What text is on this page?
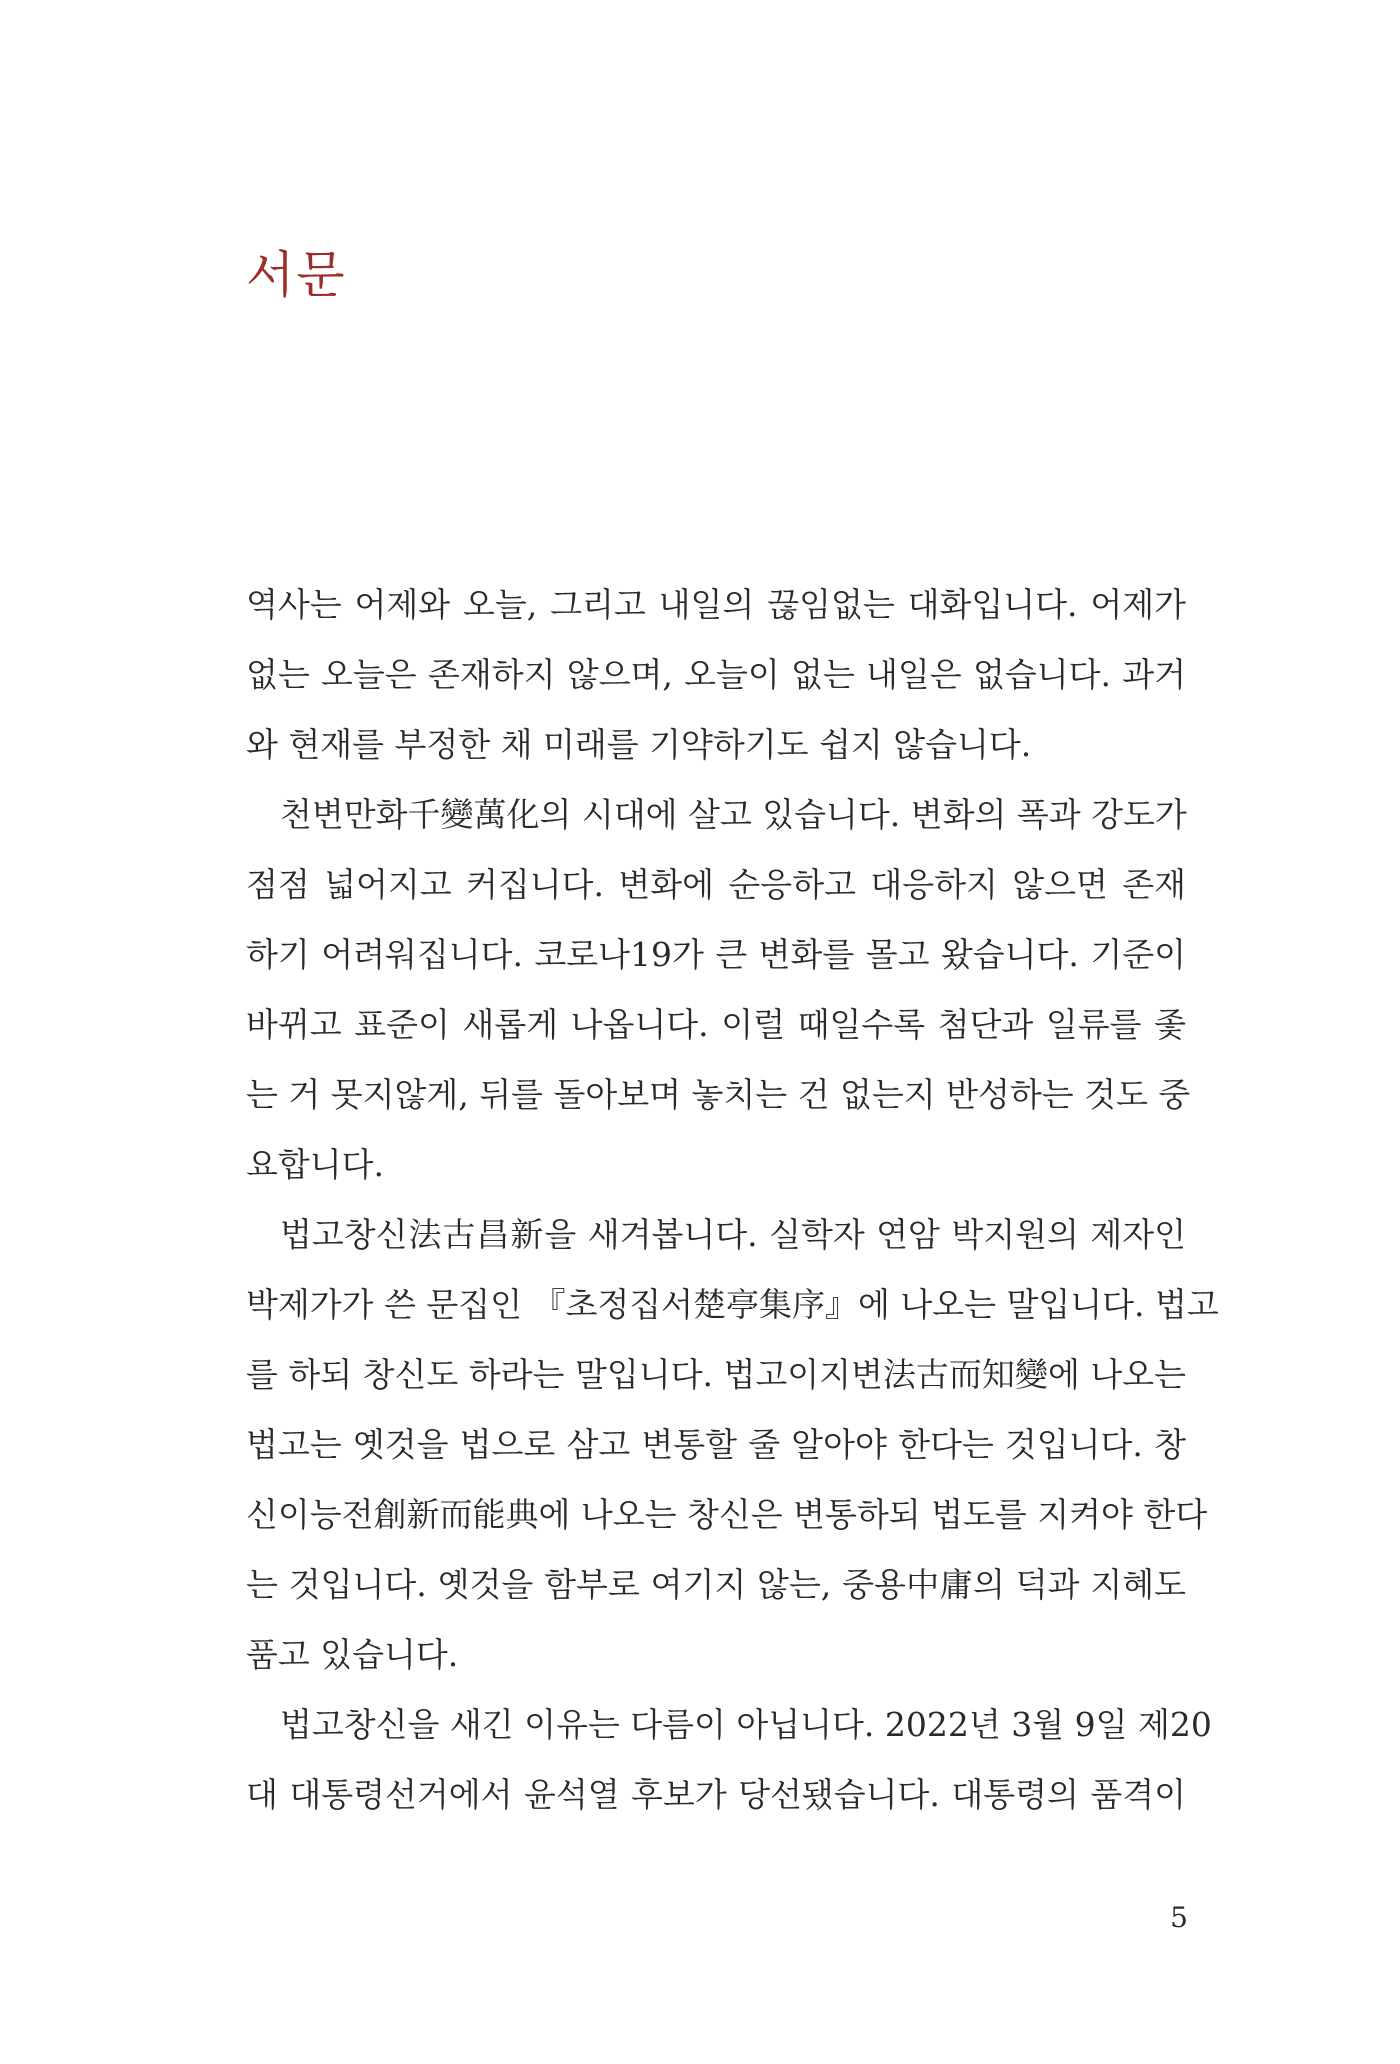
서문
역사는 어제와 오늘, 그리고 내일의 끊임없는 대화입니다. 어제가
없는 오늘은 존재하지 않으며, 오늘이 없는 내일은 없습니다. 과거
와 현재를 부정한 채 미래를 기약하기도 쉽지 않습니다.
천변만화千變萬化의 시대에 살고 있습니다. 변화의 폭과 강도가
점점 넓어지고 커집니다. 변화에 순응하고 대응하지 않으면 존재
하기 어려워집니다. 코로나19가 큰 변화를 몰고 왔습니다. 기준이
바뀌고 표준이 새롭게 나옵니다. 이럴 때일수록 첨단과 일류를 좇
는 거 못지않게, 뒤를 돌아보며 놓치는 건 없는지 반성하는 것도 중
요합니다.
법고창신法古昌新을 새겨봅니다. 실학자 연암 박지원의 제자인
박제가가 쓴 문집인 『초정집서楚亭集序』에 나오는 말입니다. 법고
를 하되 창신도 하라는 말입니다. 법고이지변法古而知變에 나오는
법고는 옛것을 법으로 삼고 변통할 줄 알아야 한다는 것입니다. 창
신이능전創新而能典에 나오는 창신은 변통하되 법도를 지켜야 한다
는 것입니다. 옛것을 함부로 여기지 않는, 중용中庸의 덕과 지혜도
품고 있습니다.
법고창신을 새긴 이유는 다름이 아닙니다. 2022년 3월 9일 제20
대 대통령선거에서 윤석열 후보가 당선됐습니다. 대통령의 품격이
5
